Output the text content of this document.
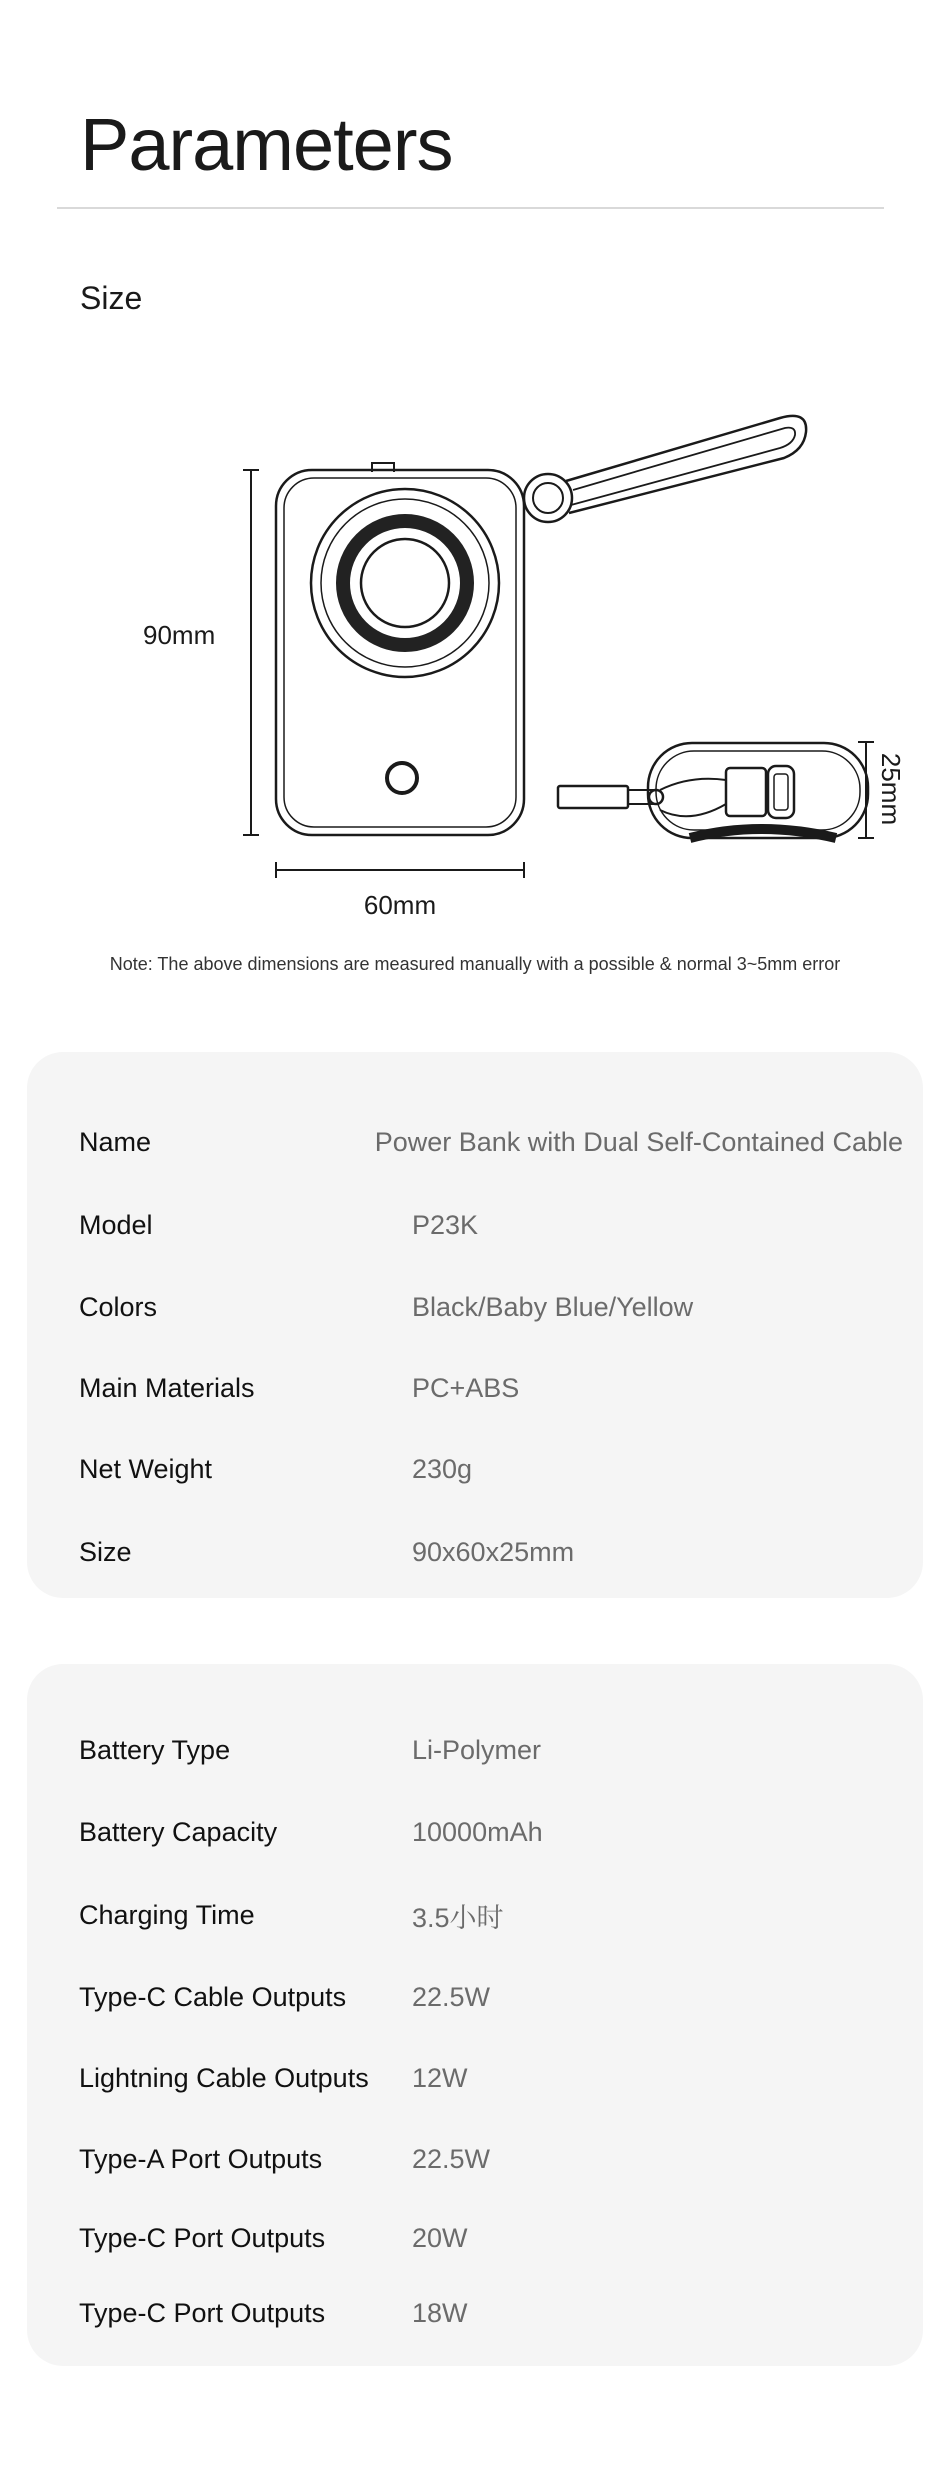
Parameters
Size
90mm
60mm
25mm
Note: The above dimensions are measured manually with a possible & normal 3~5mm error
Name	Power Bank with Dual Self-Contained Cable
Model	P23K
Colors	Black/Baby Blue/Yellow
Main Materials	PC+ABS
Net Weight	230g
Size	90x60x25mm
Battery Type	Li-Polymer
Battery Capacity	10000mAh
Charging Time	3.5小时
Type-C Cable Outputs	22.5W
Lightning Cable Outputs	12W
Type-A Port Outputs	22.5W
Type-C Port Outputs	20W
Type-C Port Outputs	18W
